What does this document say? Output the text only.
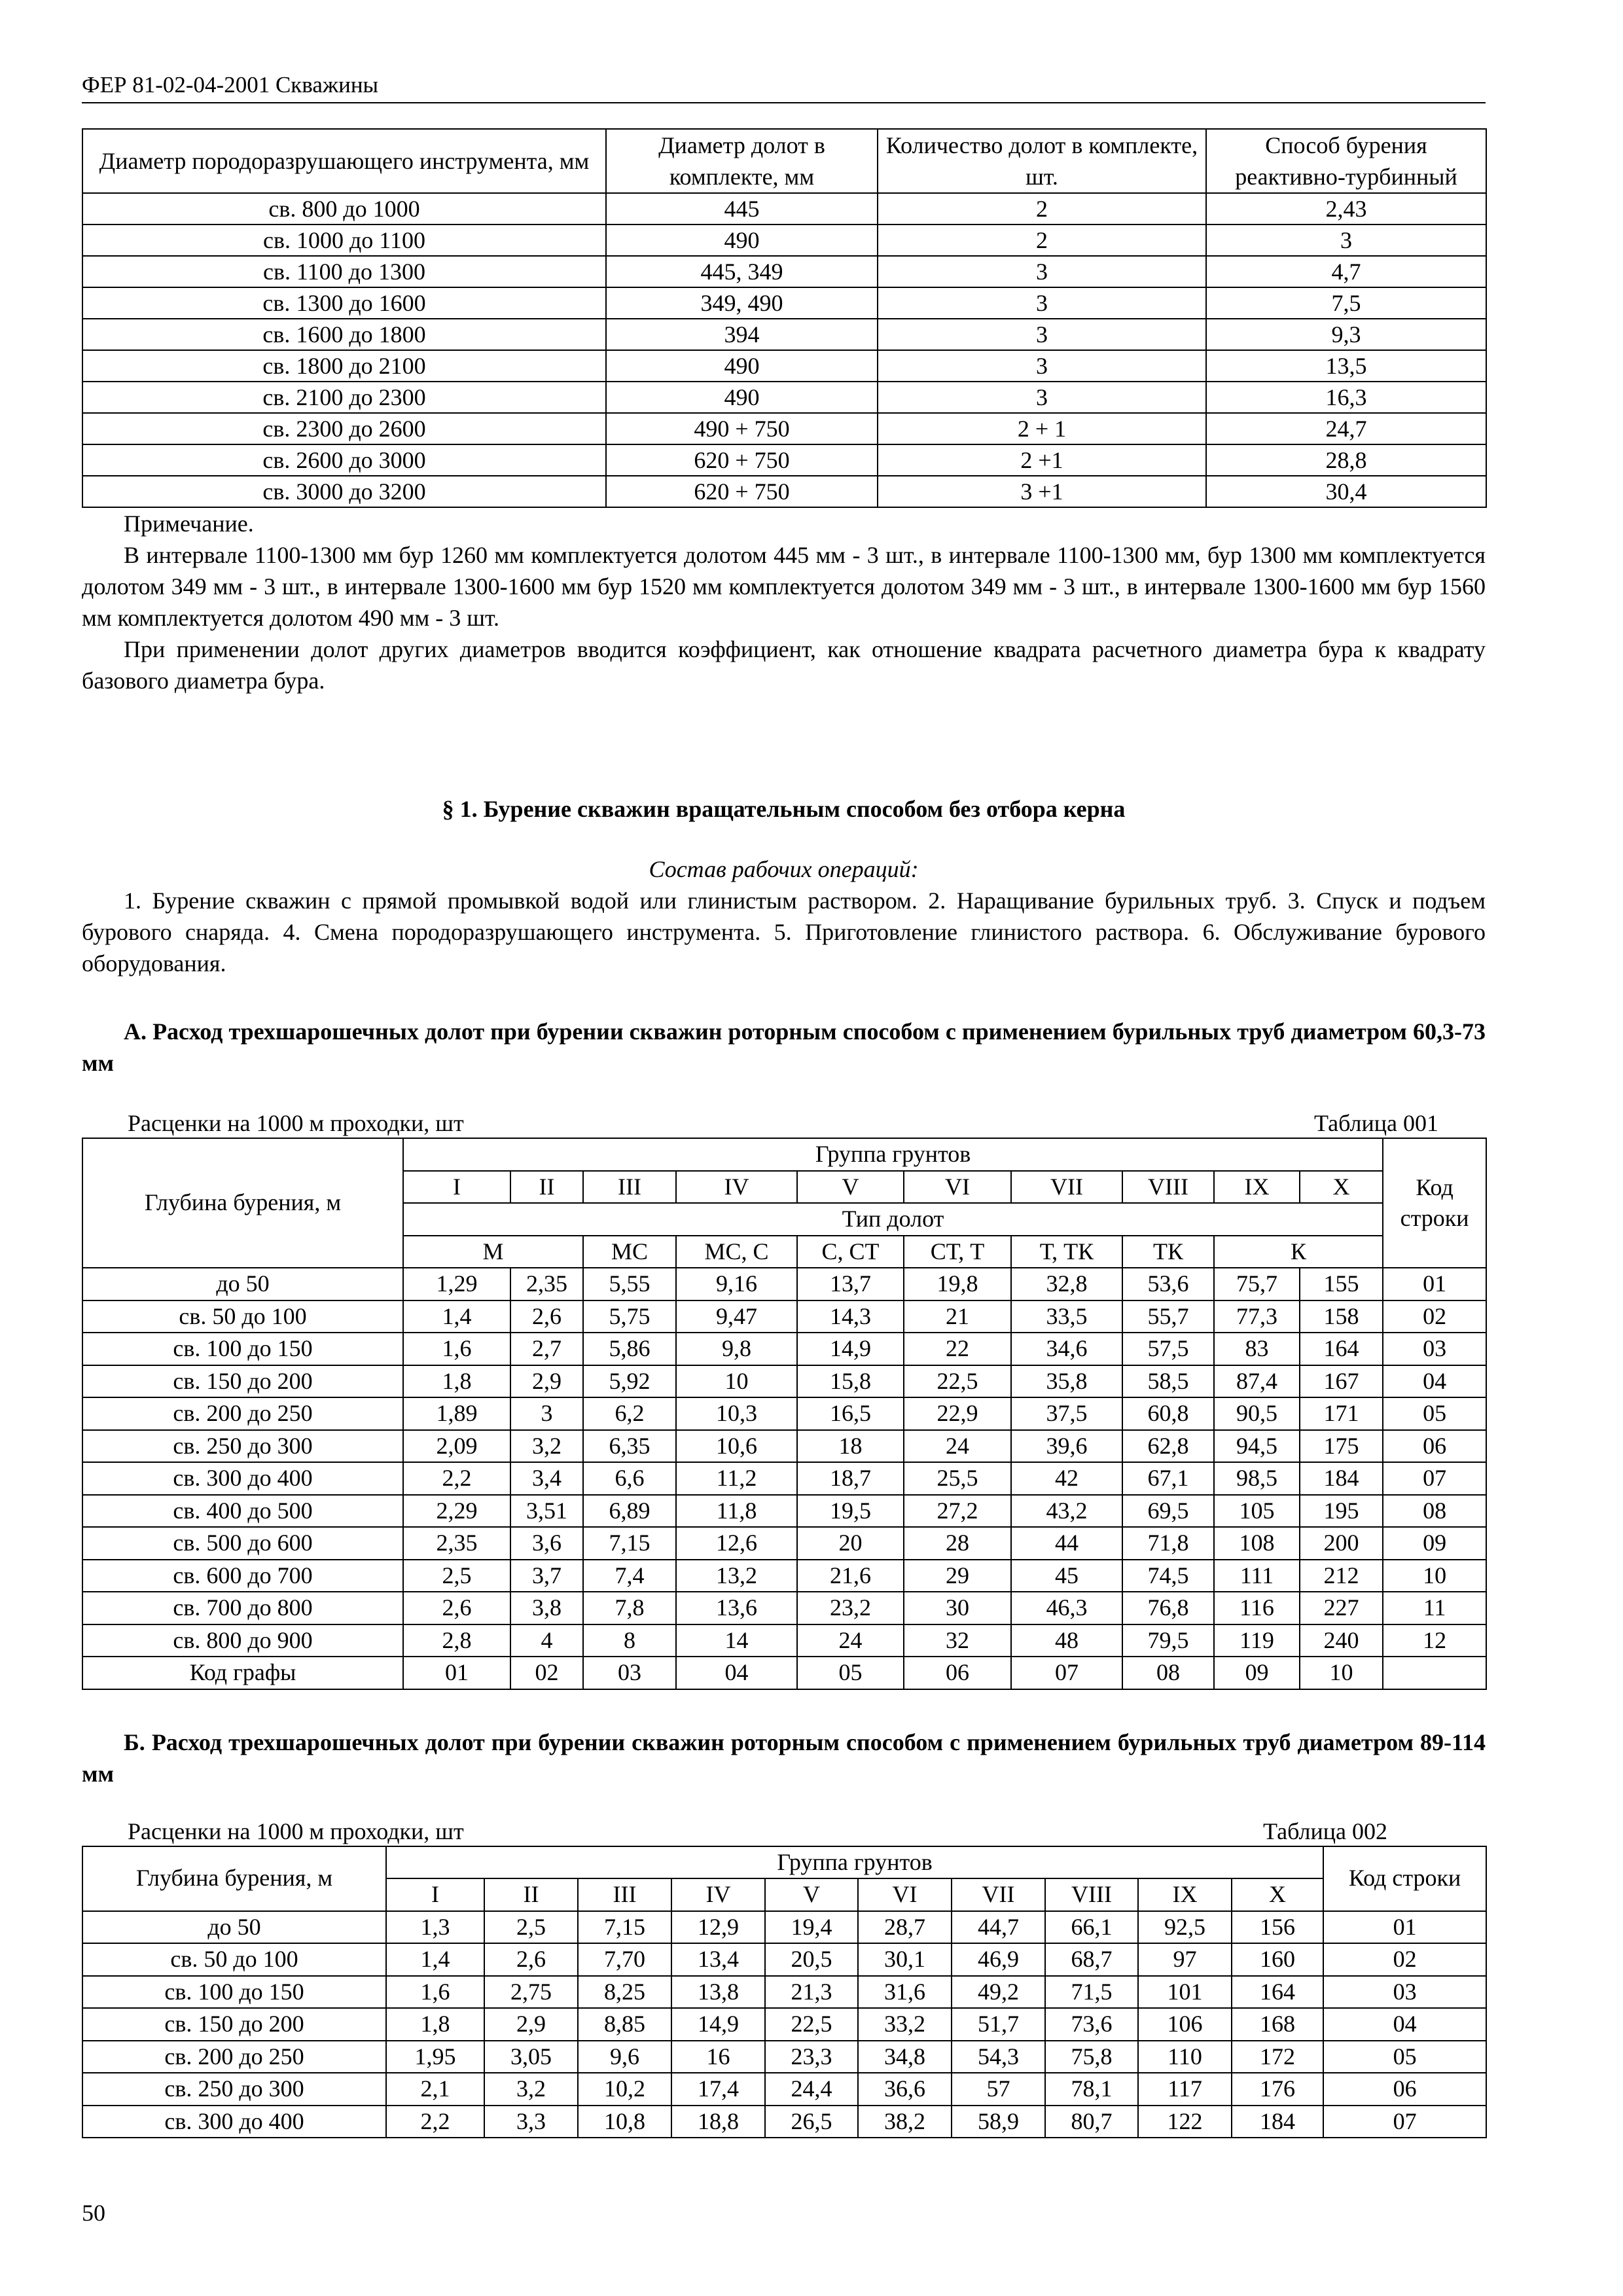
ФЕР 81-02-04-2001 Скважины
Диаметр породоразрушающего инструмента, мм	Диаметр долот в комплекте, мм	Количество долот в комплекте, шт.	Способ бурения реактивно-турбинный
св. 800 до 1000	445	2	2,43
св. 1000 до 1100	490	2	3
св. 1100 до 1300	445, 349	3	4,7
св. 1300 до 1600	349, 490	3	7,5
св. 1600 до 1800	394	3	9,3
св. 1800 до 2100	490	3	13,5
св. 2100 до 2300	490	3	16,3
св. 2300 до 2600	490 + 750	2 + 1	24,7
св. 2600 до 3000	620 + 750	2 +1	28,8
св. 3000 до 3200	620 + 750	3 +1	30,4

Примечание.

В интервале 1100-1300 мм бур 1260 мм комплектуется долотом 445 мм - 3 шт., в интервале 1100-1300 мм, бур 1300 мм комплектуется долотом 349 мм - 3 шт., в интервале 1300-1600 мм бур 1520 мм комплектуется долотом 349 мм - 3 шт., в интервале 1300-1600 мм бур 1560 мм комплектуется долотом 490 мм - 3 шт.

При применении долот других диаметров вводится коэффициент, как отношение квадрата расчетного диаметра бура к квадрату базового диаметра бура.

§ 1. Бурение скважин вращательным способом без отбора керна

Состав рабочих операций:

1. Бурение скважин с прямой промывкой водой или глинистым раствором. 2. Наращивание бурильных труб. 3. Спуск и подъем бурового снаряда. 4. Смена породоразрушающего инструмента. 5. Приготовление глинистого раствора. 6. Обслуживание бурового оборудования.

А. Расход трехшарошечных долот при бурении скважин роторным способом с применением бурильных труб диаметром 60,3-73 мм

Расценки на 1000 м проходки, шт	Таблица 001
Глубина бурения, м	Группа грунтов										Код строки
	I	II	III	IV	V	VI	VII	VIII	IX	X	
	Тип долот										
	М		МС	МС, С	С, СТ	СТ, Т	Т, ТК	ТК	К		
до 50	1,29	2,35	5,55	9,16	13,7	19,8	32,8	53,6	75,7	155	01
св. 50 до 100	1,4	2,6	5,75	9,47	14,3	21	33,5	55,7	77,3	158	02
св. 100 до 150	1,6	2,7	5,86	9,8	14,9	22	34,6	57,5	83	164	03
св. 150 до 200	1,8	2,9	5,92	10	15,8	22,5	35,8	58,5	87,4	167	04
св. 200 до 250	1,89	3	6,2	10,3	16,5	22,9	37,5	60,8	90,5	171	05
св. 250 до 300	2,09	3,2	6,35	10,6	18	24	39,6	62,8	94,5	175	06
св. 300 до 400	2,2	3,4	6,6	11,2	18,7	25,5	42	67,1	98,5	184	07
св. 400 до 500	2,29	3,51	6,89	11,8	19,5	27,2	43,2	69,5	105	195	08
св. 500 до 600	2,35	3,6	7,15	12,6	20	28	44	71,8	108	200	09
св. 600 до 700	2,5	3,7	7,4	13,2	21,6	29	45	74,5	111	212	10
св. 700 до 800	2,6	3,8	7,8	13,6	23,2	30	46,3	76,8	116	227	11
св. 800 до 900	2,8	4	8	14	24	32	48	79,5	119	240	12
Код графы	01	02	03	04	05	06	07	08	09	10	

Б. Расход трехшарошечных долот при бурении скважин роторным способом с применением бурильных труб диаметром 89-114 мм

Расценки на 1000 м проходки, шт	Таблица 002
Глубина бурения, м	Группа грунтов										Код строки
	I	II	III	IV	V	VI	VII	VIII	IX	X	
до 50	1,3	2,5	7,15	12,9	19,4	28,7	44,7	66,1	92,5	156	01
св. 50 до 100	1,4	2,6	7,70	13,4	20,5	30,1	46,9	68,7	97	160	02
св. 100 до 150	1,6	2,75	8,25	13,8	21,3	31,6	49,2	71,5	101	164	03
св. 150 до 200	1,8	2,9	8,85	14,9	22,5	33,2	51,7	73,6	106	168	04
св. 200 до 250	1,95	3,05	9,6	16	23,3	34,8	54,3	75,8	110	172	05
св. 250 до 300	2,1	3,2	10,2	17,4	24,4	36,6	57	78,1	117	176	06
св. 300 до 400	2,2	3,3	10,8	18,8	26,5	38,2	58,9	80,7	122	184	07
50
